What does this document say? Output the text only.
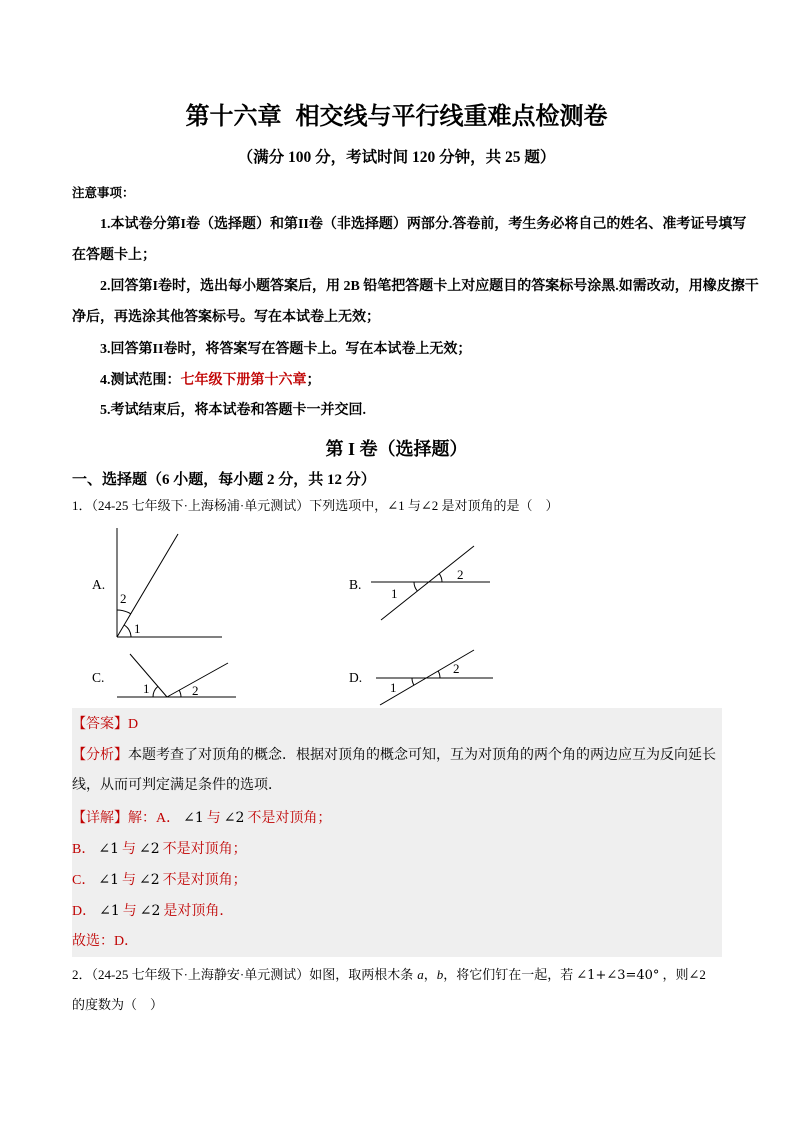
第十六章 相交线与平行线重难点检测卷
（满分 100 分，考试时间 120 分钟，共 25 题）
注意事项：
1.本试卷分第I卷（选择题）和第II卷（非选择题）两部分.答卷前，考生务必将自己的姓名、准考证号填写
在答题卡上；
2.回答第I卷时，选出每小题答案后，用 2B 铅笔把答题卡上对应题目的答案标号涂黑.如需改动，用橡皮擦干
净后，再选涂其他答案标号。写在本试卷上无效；
3.回答第II卷时，将答案写在答题卡上。写在本试卷上无效；
4.测试范围：七年级下册第十六章；
5.考试结束后，将本试卷和答题卡一并交回.
第 I 卷（选择题）
一、选择题（6 小题，每小题 2 分，共 12 分）
1．（24-25 七年级下·上海杨浦·单元测试）下列选项中，∠1 与∠2 是对顶角的是（　）
A.	B.
C.	D.
1
2	1
2
1	2	1
2
【答案】D
【分析】本题考查了对顶角的概念．根据对顶角的概念可知，互为对顶角的两个角的两边应互为反向延长
线，从而可判定满足条件的选项．
【详解】解：A． ∠1 与 ∠2 不是对顶角；
B． ∠1 与 ∠2 不是对顶角；
C． ∠1 与 ∠2 不是对顶角；
D． ∠1 与 ∠2 是对顶角．
故选：D．
2．（24-25 七年级下·上海静安·单元测试）如图，取两根木条 a，b，将它们钉在一起，若 ∠1+∠3=40° ，则∠2
的度数为（　）
